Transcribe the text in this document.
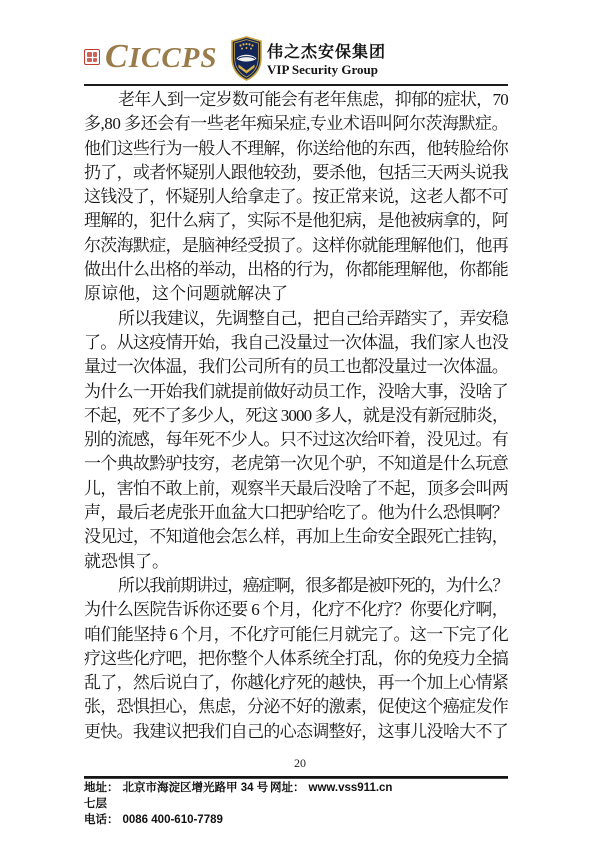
CICCPS	伟之杰安保集团
VIP Security Group
老年人到一定岁数可能会有老年焦虑，抑郁的症状，70
多,80 多还会有一些老年痴呆症,专业术语叫阿尔茨海默症。
他们这些行为一般人不理解，你送给他的东西，他转脸给你
扔了，或者怀疑别人跟他较劲，要杀他，包括三天两头说我
这钱没了，怀疑别人给拿走了。按正常来说，这老人都不可
理解的，犯什么病了，实际不是他犯病，是他被病拿的，阿
尔茨海默症，是脑神经受损了。这样你就能理解他们，他再
做出什么出格的举动，出格的行为，你都能理解他，你都能
原谅他，这个问题就解决了
所以我建议，先调整自己，把自己给弄踏实了，弄安稳
了。从这疫情开始，我自己没量过一次体温，我们家人也没
量过一次体温，我们公司所有的员工也都没量过一次体温。
为什么一开始我们就提前做好动员工作，没啥大事，没啥了
不起，死不了多少人，死这 3000 多人，就是没有新冠肺炎，
别的流感，每年死不少人。只不过这次给吓着，没见过。有
一个典故黔驴技穷，老虎第一次见个驴，不知道是什么玩意
儿，害怕不敢上前，观察半天最后没啥了不起，顶多会叫两
声，最后老虎张开血盆大口把驴给吃了。他为什么恐惧啊？
没见过，不知道他会怎么样，再加上生命安全跟死亡挂钩，
就恐惧了。
所以我前期讲过，癌症啊，很多都是被吓死的，为什么？
为什么医院告诉你还要 6 个月，化疗不化疗？你要化疗啊，
咱们能坚持 6 个月，不化疗可能仨月就完了。这一下完了化
疗这些化疗吧，把你整个人体系统全打乱，你的免疫力全搞
乱了，然后说白了，你越化疗死的越快，再一个加上心情紧
张，恐惧担心，焦虑，分泌不好的激素，促使这个癌症发作
更快。我建议把我们自己的心态调整好，这事儿没啥大不了
20
地址： 北京市海淀区增光路甲 34 号七层
网址： www.vss911.cn
电话： 0086 400-610-7789
